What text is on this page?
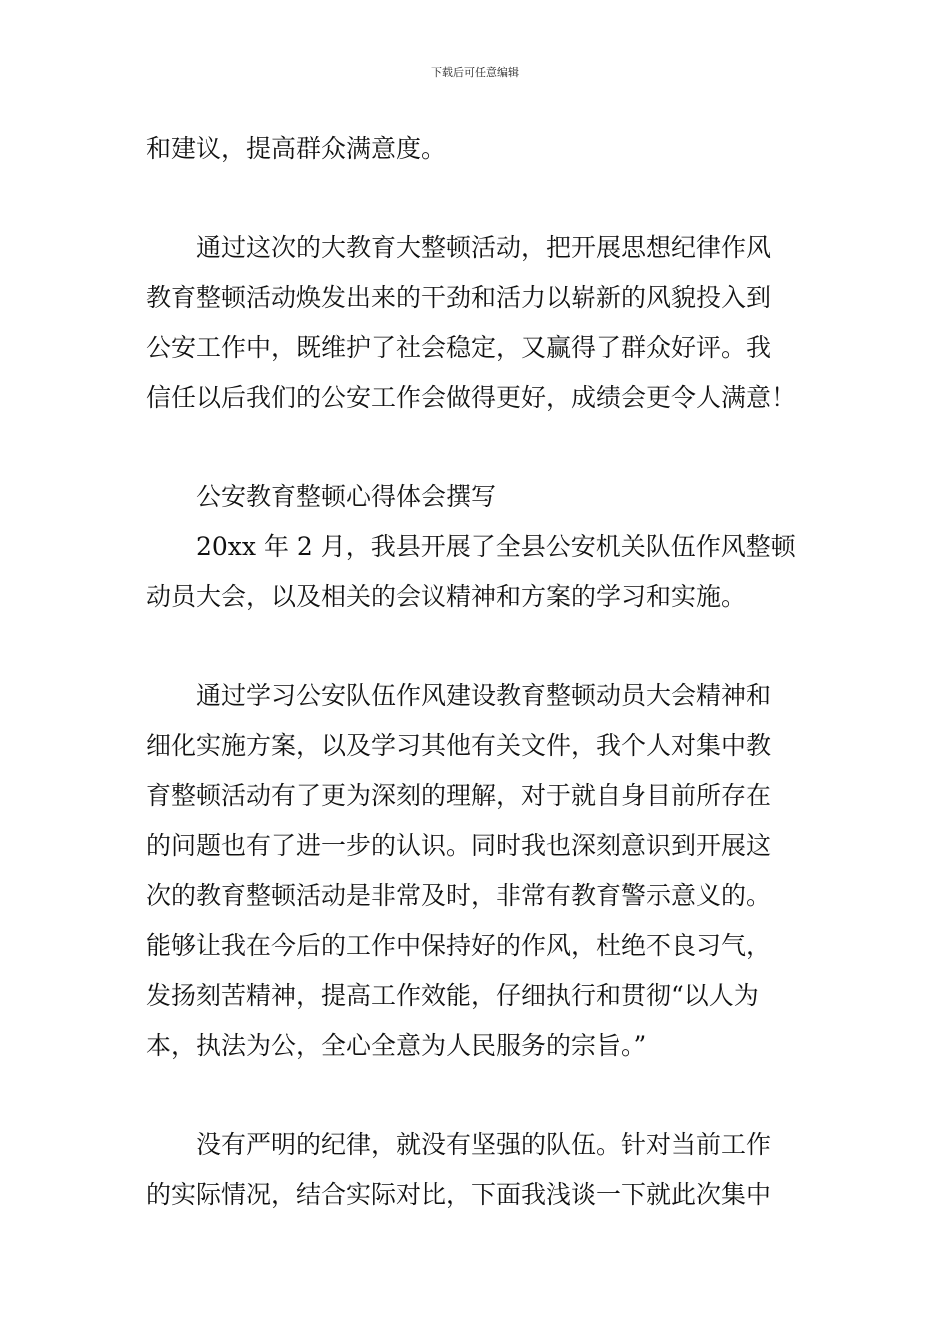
下载后可任意编辑
和建议，提高群众满意度。
通过这次的大教育大整顿活动，把开展思想纪律作风
教育整顿活动焕发出来的干劲和活力以崭新的风貌投入到
公安工作中，既维护了社会稳定，又赢得了群众好评。我
信任以后我们的公安工作会做得更好，成绩会更令人满意！
公安教育整顿心得体会撰写
20xx 年 2 月，我县开展了全县公安机关队伍作风整顿
动员大会，以及相关的会议精神和方案的学习和实施。
通过学习公安队伍作风建设教育整顿动员大会精神和
细化实施方案，以及学习其他有关文件，我个人对集中教
育整顿活动有了更为深刻的理解，对于就自身目前所存在
的问题也有了进一步的认识。同时我也深刻意识到开展这
次的教育整顿活动是非常及时，非常有教育警示意义的。
能够让我在今后的工作中保持好的作风，杜绝不良习气，
发扬刻苦精神，提高工作效能，仔细执行和贯彻“以人为
本，执法为公，全心全意为人民服务的宗旨。”
没有严明的纪律，就没有坚强的队伍。针对当前工作
的实际情况，结合实际对比，下面我浅谈一下就此次集中
